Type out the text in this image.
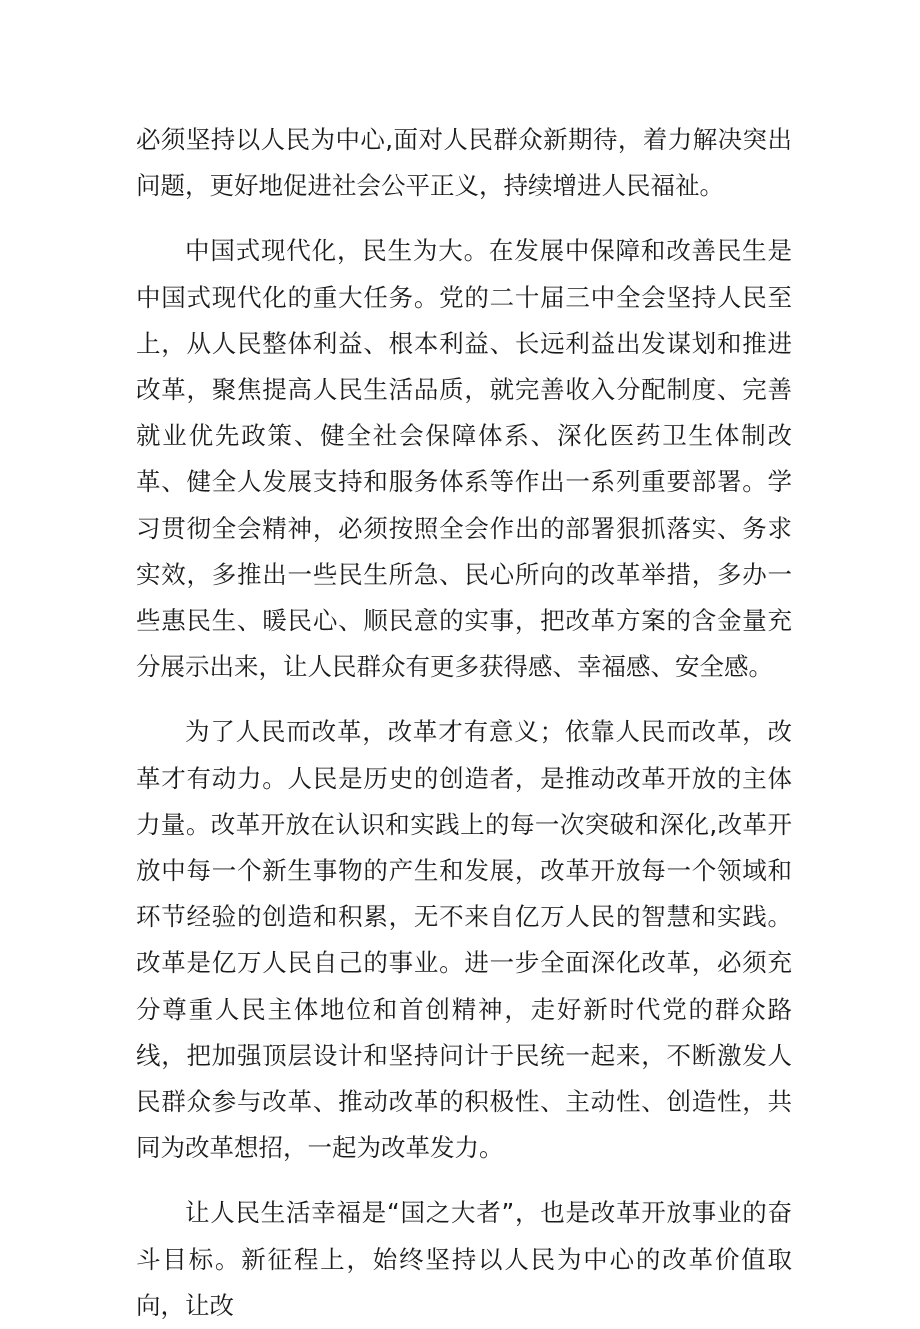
必须坚持以人民为中心,面对人民群众新期待，着力解决突出问题，更好地促进社会公平正义，持续增进人民福祉。

中国式现代化，民生为大。在发展中保障和改善民生是中国式现代化的重大任务。党的二十届三中全会坚持人民至上，从人民整体利益、根本利益、长远利益出发谋划和推进改革，聚焦提高人民生活品质，就完善收入分配制度、完善就业优先政策、健全社会保障体系、深化医药卫生体制改革、健全人发展支持和服务体系等作出一系列重要部署。学习贯彻全会精神，必须按照全会作出的部署狠抓落实、务求实效，多推出一些民生所急、民心所向的改革举措，多办一些惠民生、暖民心、顺民意的实事，把改革方案的含金量充分展示出来，让人民群众有更多获得感、幸福感、安全感。

为了人民而改革，改革才有意义；依靠人民而改革，改革才有动力。人民是历史的创造者，是推动改革开放的主体力量。改革开放在认识和实践上的每一次突破和深化,改革开放中每一个新生事物的产生和发展，改革开放每一个领域和环节经验的创造和积累，无不来自亿万人民的智慧和实践。改革是亿万人民自己的事业。进一步全面深化改革，必须充分尊重人民主体地位和首创精神，走好新时代党的群众路线，把加强顶层设计和坚持问计于民统一起来，不断激发人民群众参与改革、推动改革的积极性、主动性、创造性，共同为改革想招，一起为改革发力。

让人民生活幸福是“国之大者”，也是改革开放事业的奋斗目标。新征程上，始终坚持以人民为中心的改革价值取向，让改
